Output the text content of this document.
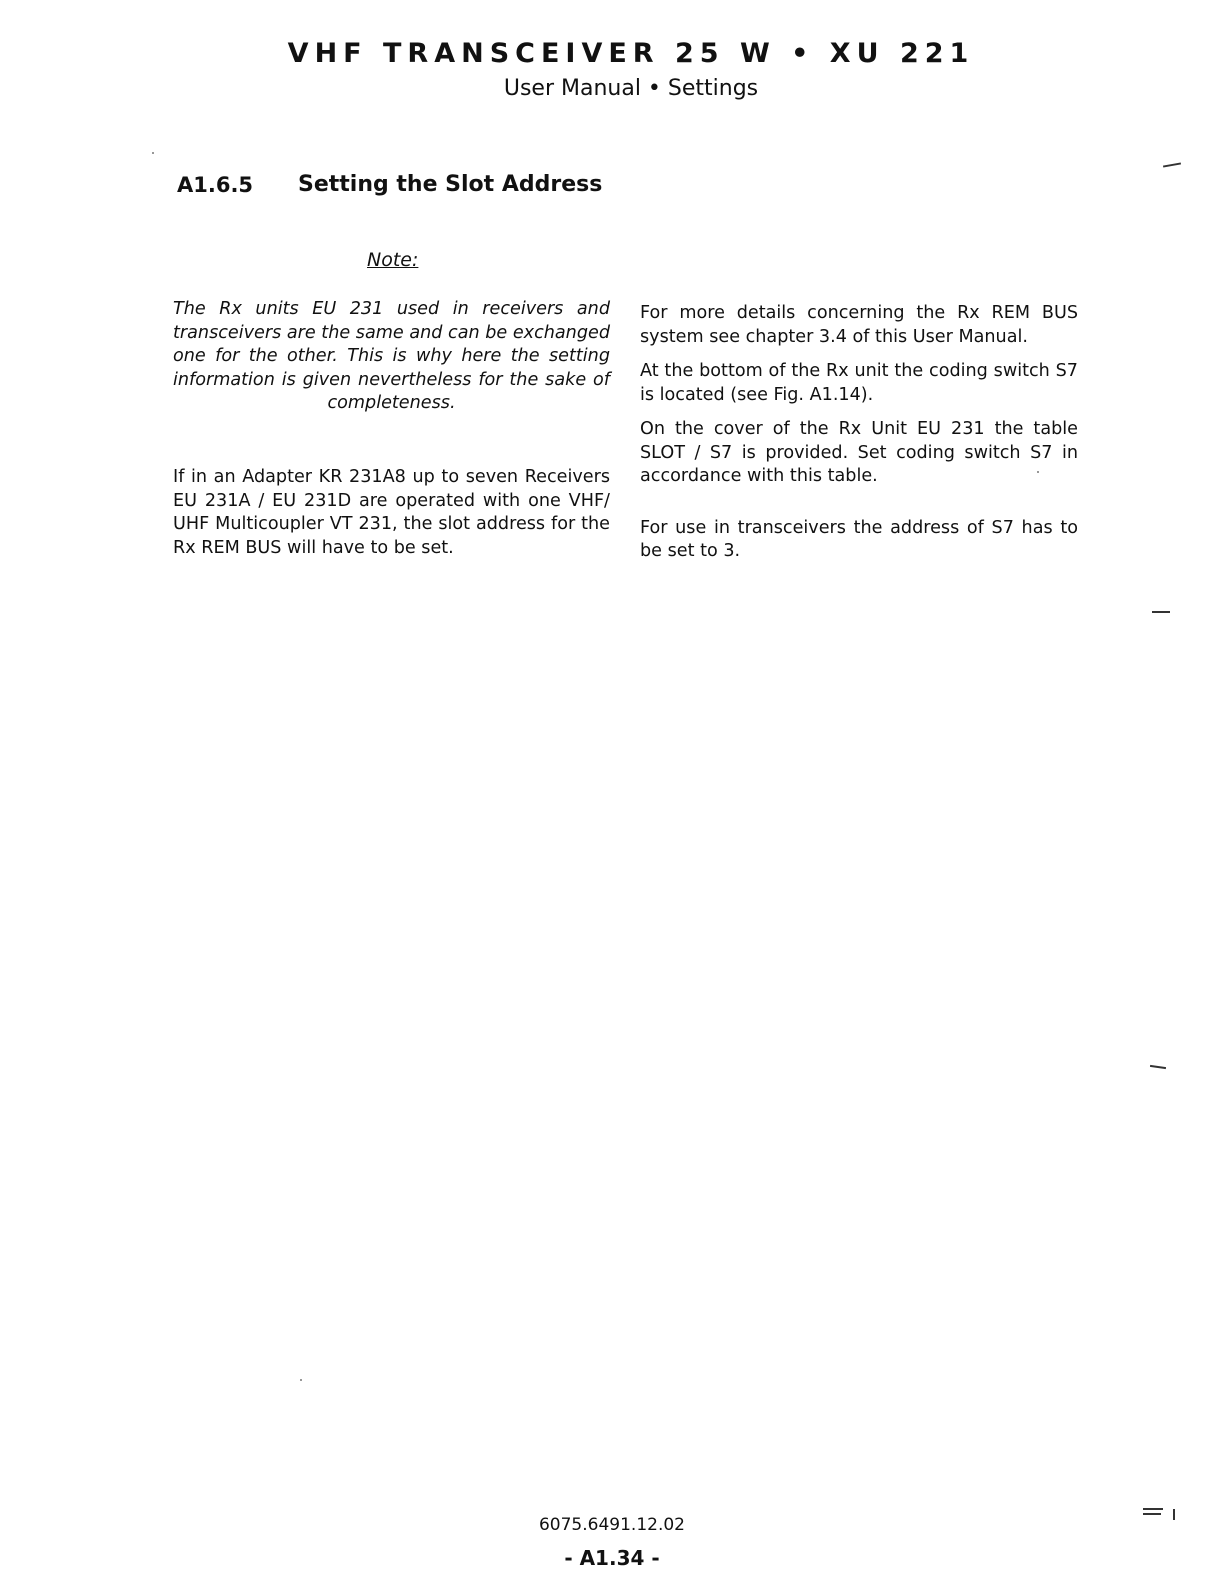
VHF TRANSCEIVER 25 W • XU 221
User Manual • Settings
A1.6.5 Setting the Slot Address
Note:

The Rx units EU 231 used in receivers and transceivers are the same and can be exchanged one for the other. This is why here the setting information is given nevertheless for the sake of completeness.

If in an Adapter KR 231A8 up to seven Receivers EU 231A / EU 231D are operated with one VHF/ UHF Multicoupler VT 231, the slot address for the Rx REM BUS will have to be set.

For more details concerning the Rx REM BUS system see chapter 3.4 of this User Manual.

At the bottom of the Rx unit the coding switch S7 is located (see Fig. A1.14).

On the cover of the Rx Unit EU 231 the table SLOT / S7 is provided. Set coding switch S7 in accordance with this table.

For use in transceivers the address of S7 has to be set to 3.

6075.6491.12.02
- A1.34 -
